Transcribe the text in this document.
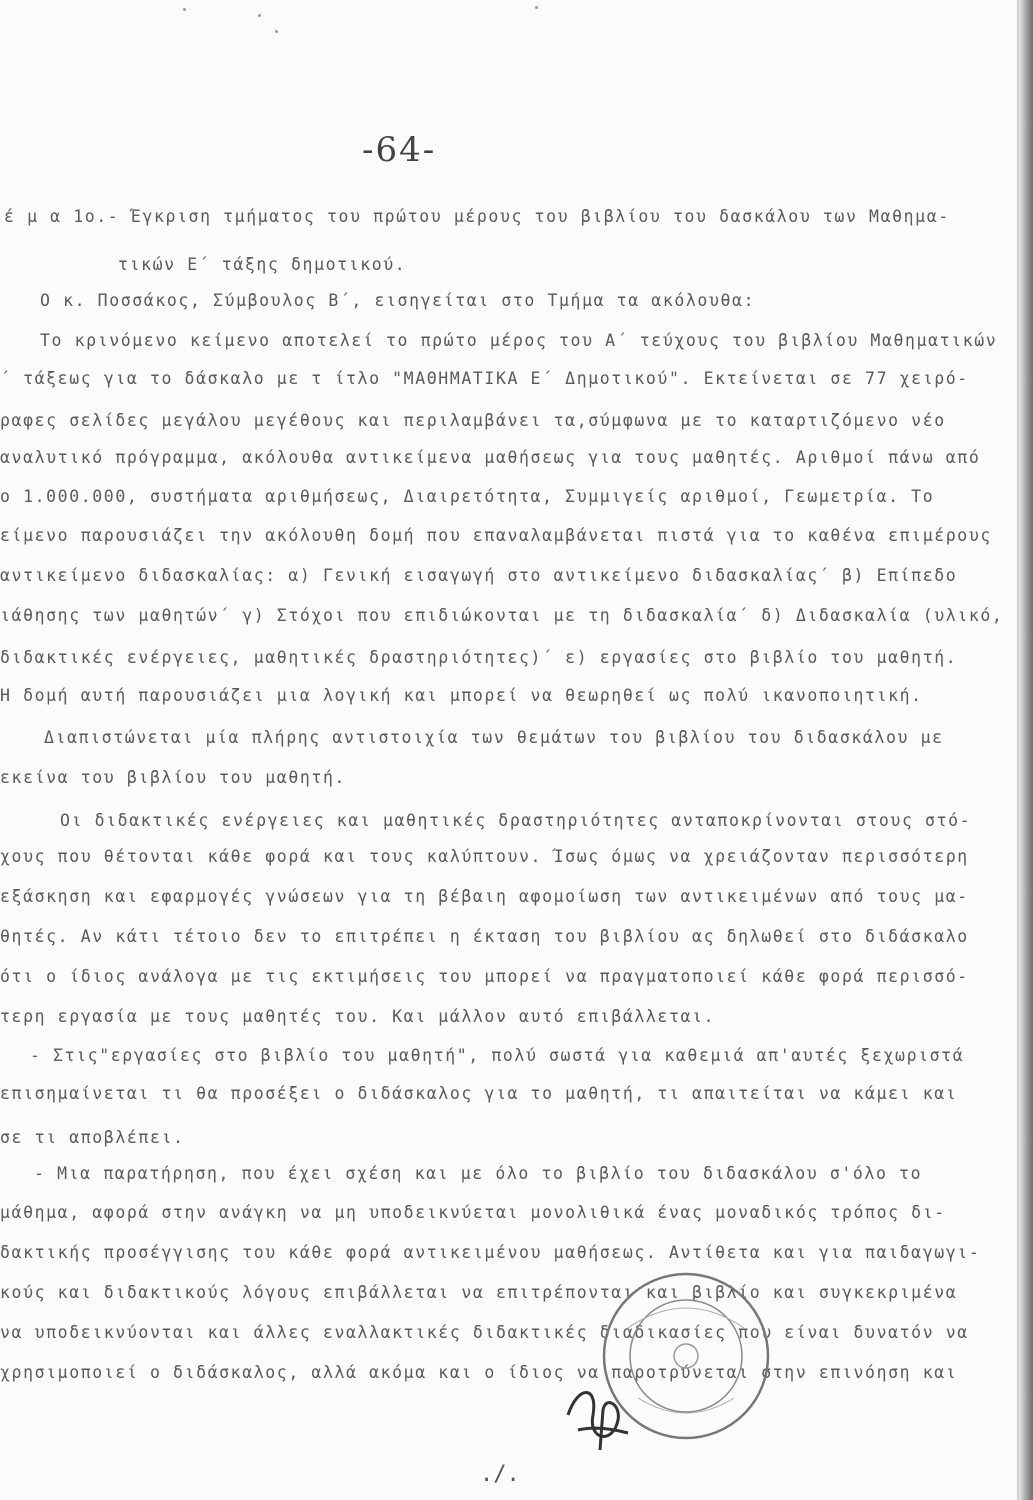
-64-
έ μ α 1ο.- Έγκριση τμήματος του πρώτου μέρους του βιβλίου του δασκάλου των Μαθημα-
τικών Ε΄ τάξης δημοτικού.
Ο κ. Ποσσάκος, Σύμβουλος Β΄, εισηγείται στο Τμήμα τα ακόλουθα:
Το κρινόμενο κείμενο αποτελεί το πρώτο μέρος του Α΄ τεύχους του βιβλίου Μαθηματικών
΄ τάξεως για το δάσκαλο με τ ίτλο "ΜΑΘΗΜΑΤΙΚΑ Ε΄ Δημοτικού". Εκτείνεται σε 77 χειρό-
ραφες σελίδες μεγάλου μεγέθους και περιλαμβάνει τα,σύμφωνα με το καταρτιζόμενο νέο
αναλυτικό πρόγραμμα, ακόλουθα αντικείμενα μαθήσεως για τους μαθητές. Αριθμοί πάνω από
ο 1.000.000, συστήματα αριθμήσεως, Διαιρετότητα, Συμμιγείς αριθμοί, Γεωμετρία. Το
είμενο παρουσιάζει την ακόλουθη δομή που επαναλαμβάνεται πιστά για το καθένα επιμέρους
αντικείμενο διδασκαλίας: α) Γενική εισαγωγή στο αντικείμενο διδασκαλίας΄ β) Επίπεδο
ιάθησης των μαθητών΄ γ) Στόχοι που επιδιώκονται με τη διδασκαλία΄ δ) Διδασκαλία (υλικό,
διδακτικές ενέργειες, μαθητικές δραστηριότητες)΄ ε) εργασίες στο βιβλίο του μαθητή.
Η δομή αυτή παρουσιάζει μια λογική και μπορεί να θεωρηθεί ως πολύ ικανοποιητική.
Διαπιστώνεται μία πλήρης αντιστοιχία των θεμάτων του βιβλίου του διδασκάλου με
εκείνα του βιβλίου του μαθητή.
Οι διδακτικές ενέργειες και μαθητικές δραστηριότητες ανταποκρίνονται στους στό-
χους που θέτονται κάθε φορά και τους καλύπτουν. Ίσως όμως να χρειάζονταν περισσότερη
εξάσκηση και εφαρμογές γνώσεων για τη βέβαιη αφομοίωση των αντικειμένων από τους μα-
θητές. Αν κάτι τέτοιο δεν το επιτρέπει η έκταση του βιβλίου ας δηλωθεί στο διδάσκαλο
ότι ο ίδιος ανάλογα με τις εκτιμήσεις του μπορεί να πραγματοποιεί κάθε φορά περισσό-
τερη εργασία με τους μαθητές του. Και μάλλον αυτό επιβάλλεται.
- Στις"εργασίες στο βιβλίο του μαθητή", πολύ σωστά για καθεμιά απ'αυτές ξεχωριστά
επισημαίνεται τι θα προσέξει ο διδάσκαλος για το μαθητή, τι απαιτείται να κάμει και
σε τι αποβλέπει.
- Μια παρατήρηση, που έχει σχέση και με όλο το βιβλίο του διδασκάλου σ'όλο το
μάθημα, αφορά στην ανάγκη να μη υποδεικνύεται μονολιθικά ένας μοναδικός τρόπος δι-
δακτικής προσέγγισης του κάθε φορά αντικειμένου μαθήσεως. Αντίθετα και για παιδαγωγι-
κούς και διδακτικούς λόγους επιβάλλεται να επιτρέπονται και βιβλίο και συγκεκριμένα
να υποδεικνύονται και άλλες εναλλακτικές διδακτικές διαδικασίες που είναι δυνατόν να
χρησιμοποιεί ο διδάσκαλος, αλλά ακόμα και ο ίδιος να παροτρύνεται στην επινόηση και
./.
